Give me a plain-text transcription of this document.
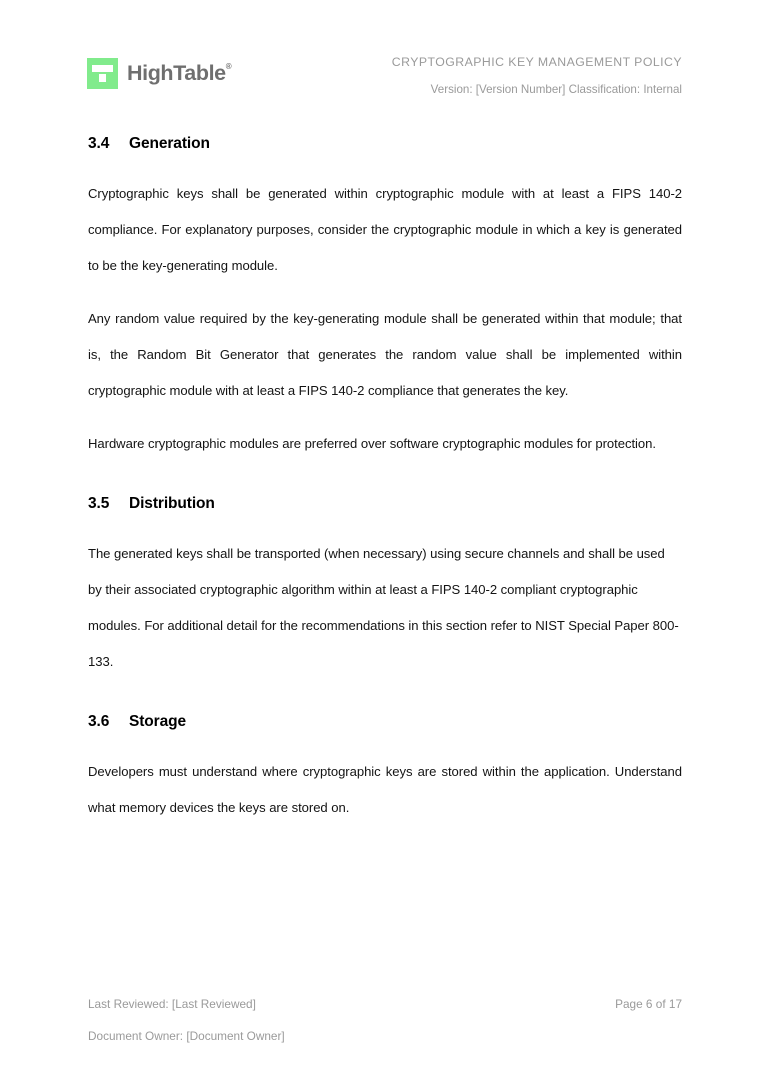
HighTable®	CRYPTOGRAPHIC KEY MANAGEMENT POLICY
Version: [Version Number] Classification: Internal
3.4	Generation

Cryptographic keys shall be generated within cryptographic module with at least a FIPS 140-2 compliance. For explanatory purposes, consider the cryptographic module in which a key is generated to be the key-generating module.

Any random value required by the key-generating module shall be generated within that module; that is, the Random Bit Generator that generates the random value shall be implemented within cryptographic module with at least a FIPS 140-2 compliance that generates the key.

Hardware cryptographic modules are preferred over software cryptographic modules for protection.

3.5	Distribution

The generated keys shall be transported (when necessary) using secure channels and shall be used by their associated cryptographic algorithm within at least a FIPS 140-2 compliant cryptographic modules. For additional detail for the recommendations in this section refer to NIST Special Paper 800-133.

3.6	Storage

Developers must understand where cryptographic keys are stored within the application. Understand what memory devices the keys are stored on.

Last Reviewed: [Last Reviewed]	Page 6 of 17
Document Owner: [Document Owner]
